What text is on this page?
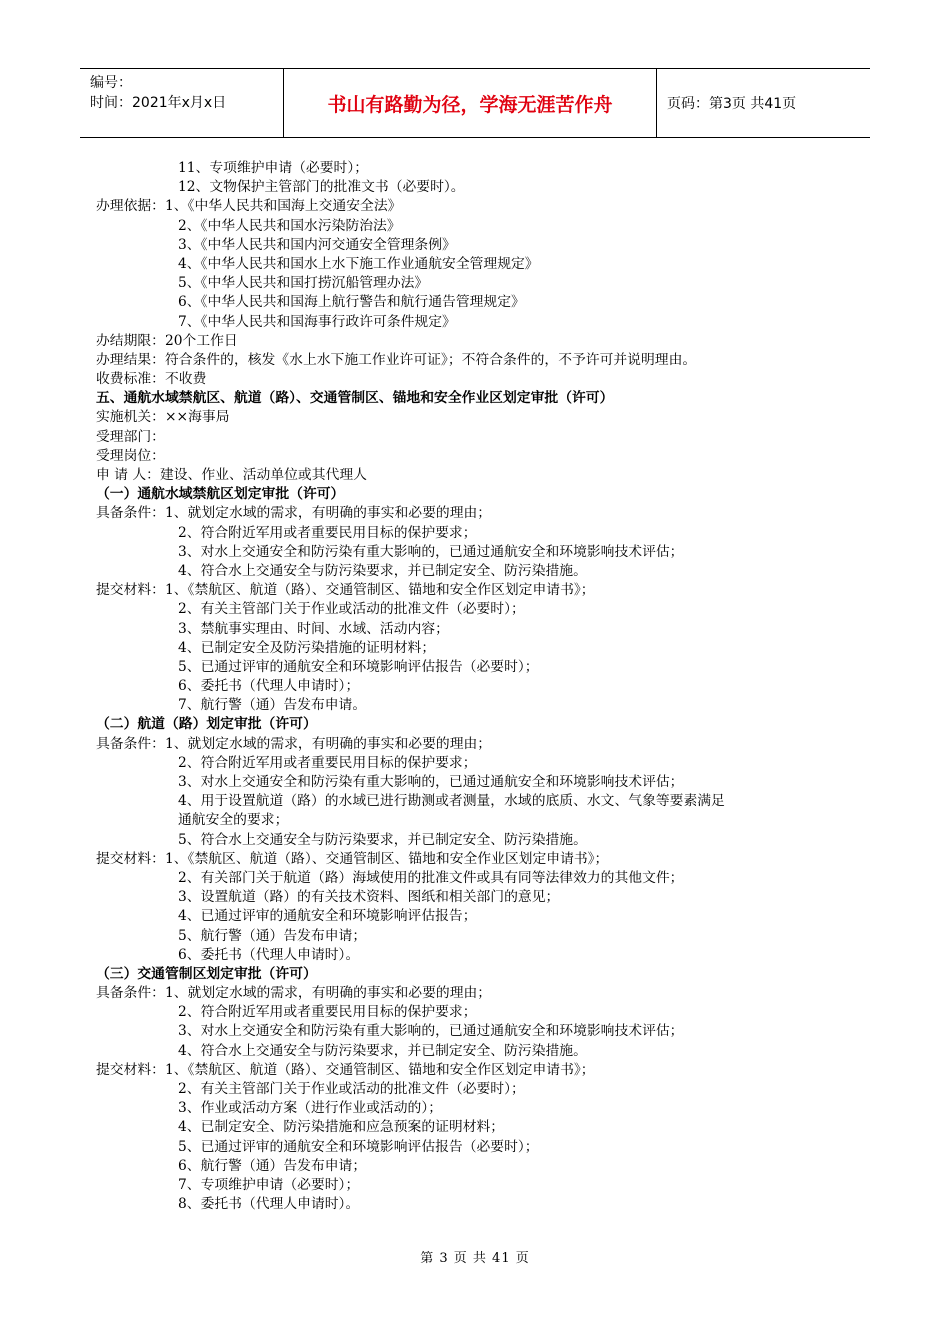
编号：
时间：2021年x月x日	书山有路勤为径，学海无涯苦作舟	页码：第3页 共41页
11、专项维护申请（必要时）；
12、文物保护主管部门的批准文书（必要时）。
办理依据：1、《中华人民共和国海上交通安全法》
2、《中华人民共和国水污染防治法》
3、《中华人民共和国内河交通安全管理条例》
4、《中华人民共和国水上水下施工作业通航安全管理规定》
5、《中华人民共和国打捞沉船管理办法》
6、《中华人民共和国海上航行警告和航行通告管理规定》
7、《中华人民共和国海事行政许可条件规定》
办结期限：20个工作日
办理结果：符合条件的，核发《水上水下施工作业许可证》；不符合条件的，不予许可并说明理由。
收费标准：不收费
五、通航水域禁航区、航道（路）、交通管制区、锚地和安全作业区划定审批（许可）
实施机关：××海事局
受理部门：
受理岗位：
申 请 人：建设、作业、活动单位或其代理人
（一）通航水域禁航区划定审批（许可）
具备条件：1、就划定水域的需求，有明确的事实和必要的理由；
2、符合附近军用或者重要民用目标的保护要求；
3、对水上交通安全和防污染有重大影响的，已通过通航安全和环境影响技术评估；
4、符合水上交通安全与防污染要求，并已制定安全、防污染措施。
提交材料：1、《禁航区、航道（路）、交通管制区、锚地和安全作区划定申请书》；
2、有关主管部门关于作业或活动的批准文件（必要时）；
3、禁航事实理由、时间、水域、活动内容；
4、已制定安全及防污染措施的证明材料；
5、已通过评审的通航安全和环境影响评估报告（必要时）；
6、委托书（代理人申请时）；
7、航行警（通）告发布申请。
（二）航道（路）划定审批（许可）
具备条件：1、就划定水域的需求，有明确的事实和必要的理由；
2、符合附近军用或者重要民用目标的保护要求；
3、对水上交通安全和防污染有重大影响的，已通过通航安全和环境影响技术评估；
4、用于设置航道（路）的水域已进行勘测或者测量，水域的底质、水文、气象等要素满足
通航安全的要求；
5、符合水上交通安全与防污染要求，并已制定安全、防污染措施。
提交材料：1、《禁航区、航道（路）、交通管制区、锚地和安全作业区划定申请书》；
2、有关部门关于航道（路）海域使用的批准文件或具有同等法律效力的其他文件；
3、设置航道（路）的有关技术资料、图纸和相关部门的意见；
4、已通过评审的通航安全和环境影响评估报告；
5、航行警（通）告发布申请；
6、委托书（代理人申请时）。
（三）交通管制区划定审批（许可）
具备条件：1、就划定水域的需求，有明确的事实和必要的理由；
2、符合附近军用或者重要民用目标的保护要求；
3、对水上交通安全和防污染有重大影响的，已通过通航安全和环境影响技术评估；
4、符合水上交通安全与防污染要求，并已制定安全、防污染措施。
提交材料：1、《禁航区、航道（路）、交通管制区、锚地和安全作区划定申请书》；
2、有关主管部门关于作业或活动的批准文件（必要时）；
3、作业或活动方案（进行作业或活动的）；
4、已制定安全、防污染措施和应急预案的证明材料；
5、已通过评审的通航安全和环境影响评估报告（必要时）；
6、航行警（通）告发布申请；
7、专项维护申请（必要时）；
8、委托书（代理人申请时）。
第 3 页 共 41 页
